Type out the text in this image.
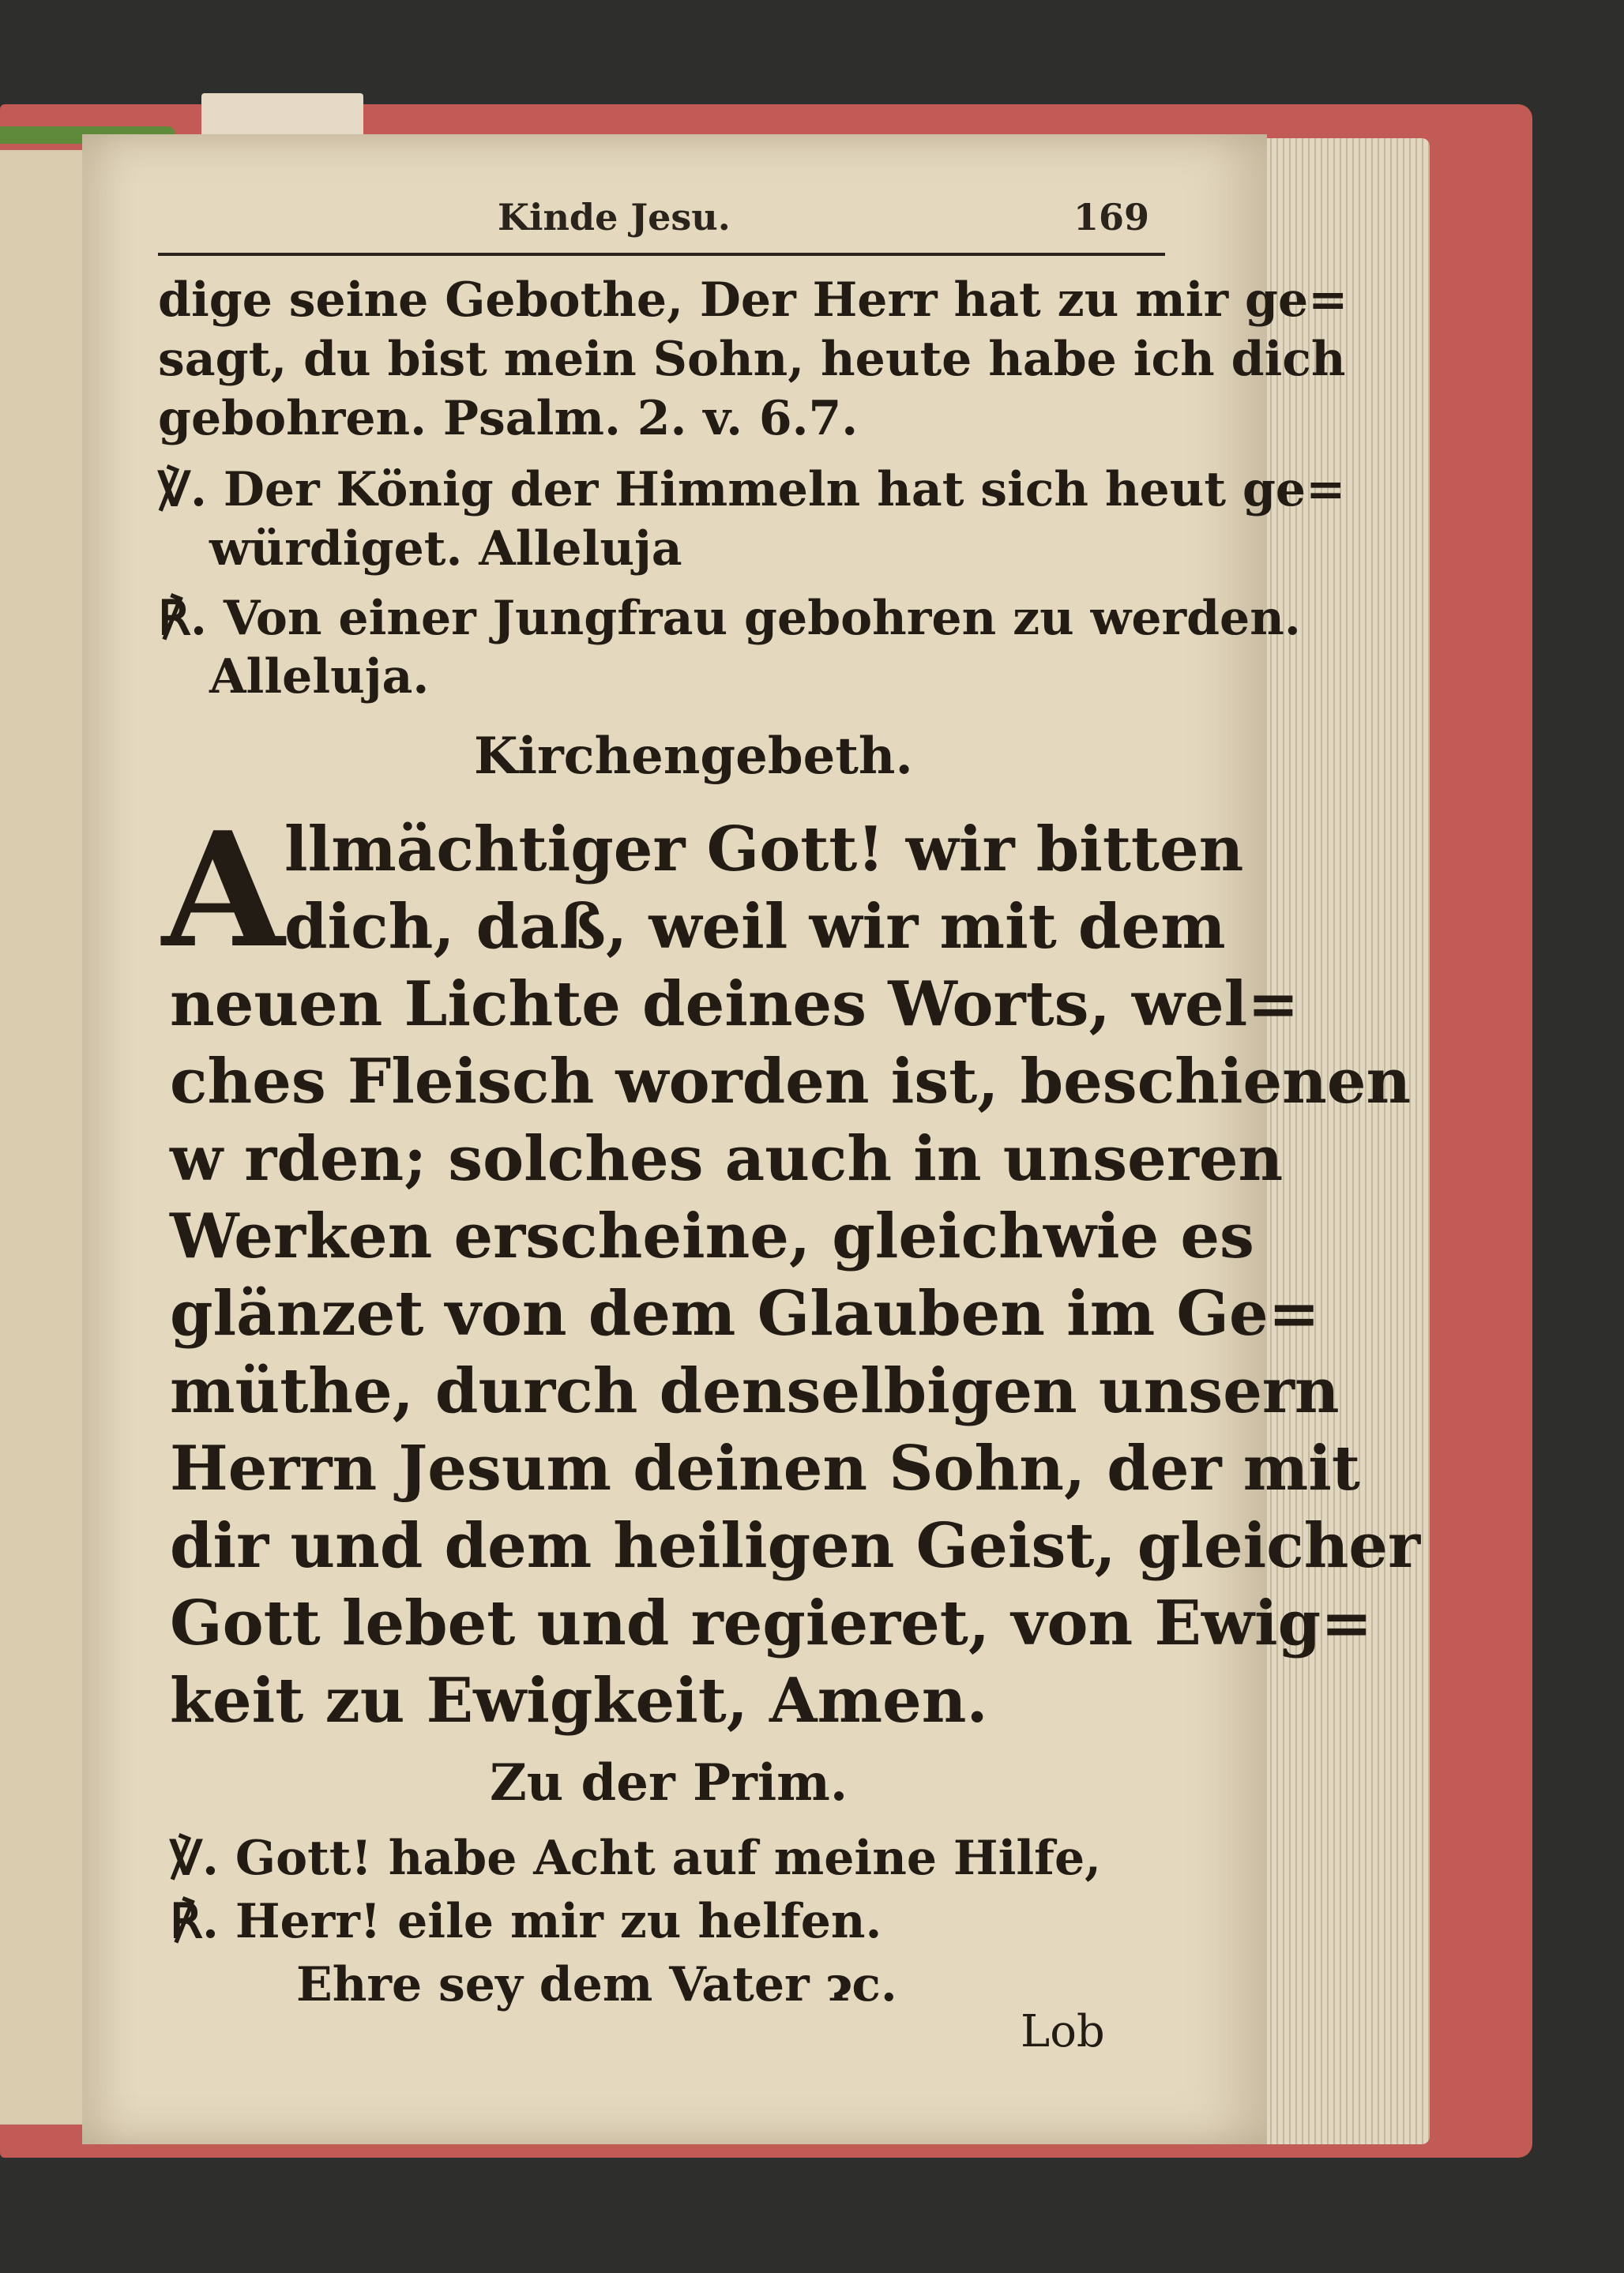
Kinde Jesu.	169
dige seine Gebothe, Der Herr hat zu mir ge=
sagt, du bist mein Sohn, heute habe ich dich
gebohren. Psalm. 2. v. 6.7.
℣. Der König der Himmeln hat sich heut ge=
würdiget. Alleluja
℟. Von einer Jungfrau gebohren zu werden.
Alleluja.
Kirchengebeth.
A llmächtiger Gott! wir bitten
dich, daß, weil wir mit dem
neuen Lichte deines Worts, wel=
ches Fleisch worden ist, beschienen
w rden; solches auch in unseren
Werken erscheine, gleichwie es
glänzet von dem Glauben im Ge=
müthe, durch denselbigen unsern
Herrn Jesum deinen Sohn, der mit
dir und dem heiligen Geist, gleicher
Gott lebet und regieret, von Ewig=
keit zu Ewigkeit, Amen.
Zu der Prim.
℣. Gott! habe Acht auf meine Hilfe,
℟. Herr! eile mir zu helfen.
Ehre sey dem Vater ɂc.
Lob
